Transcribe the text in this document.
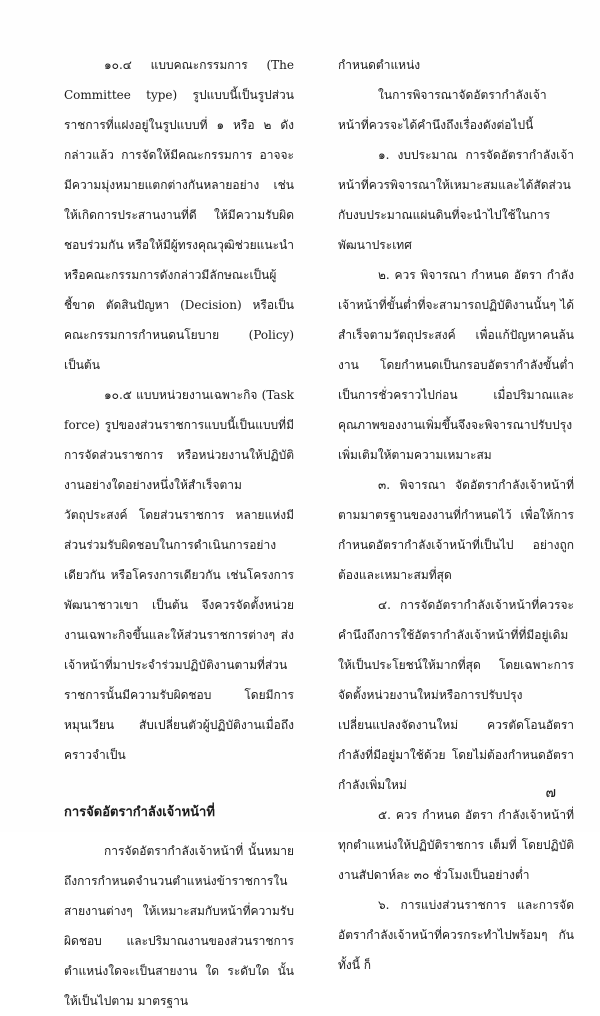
๑๐.๔ แบบคณะกรรมการ (The Committee type) รูปแบบนี้เป็นรูปส่วนราชการที่แฝงอยู่ในรูปแบบที่ ๑ หรือ ๒ ดังกล่าวแล้ว การจัดให้มีคณะกรรมการ อาจจะมีความมุ่งหมายแตกต่างกันหลายอย่าง เช่นให้เกิดการประสานงานที่ดี ให้มีความรับผิดชอบร่วมกัน หรือให้มีผู้ทรงคุณวุฒิช่วยแนะนำ หรือคณะกรรมการดังกล่าวมีลักษณะเป็นผู้ชี้ขาด ตัดสินปัญหา (Decision) หรือเป็นคณะกรรมการกำหนดนโยบาย (Policy) เป็นต้น

๑๐.๕ แบบหน่วยงานเฉพาะกิจ (Task force) รูปของส่วนราชการแบบนี้เป็นแบบที่มีการจัดส่วนราชการ หรือหน่วยงานให้ปฏิบัติงานอย่างใดอย่างหนึ่งให้สำเร็จตามวัตถุประสงค์ โดยส่วนราชการ หลายแห่งมีส่วนร่วมรับผิดชอบในการดำเนินการอย่างเดียวกัน หรือโครงการเดียวกัน เช่นโครงการพัฒนาชาวเขา เป็นต้น จึงควรจัดตั้งหน่วยงานเฉพาะกิจขึ้นและให้ส่วนราชการต่างๆ ส่งเจ้าหน้าที่มาประจำร่วมปฏิบัติงานตามที่ส่วนราชการนั้นมีความรับผิดชอบ โดยมีการหมุนเวียน สับเปลี่ยนตัวผู้ปฏิบัติงานเมื่อถึงคราวจำเป็น

การจัดอัตรากำลังเจ้าหน้าที่

การจัดอัตรากำลังเจ้าหน้าที่ นั้นหมายถึงการกำหนดจำนวนตำแหน่งข้าราชการในสายงานต่างๆ ให้เหมาะสมกับหน้าที่ความรับผิดชอบ และปริมาณงานของส่วนราชการ ตำแหน่งใดจะเป็นสายงาน ใด ระดับใด นั้น ให้เป็นไปตาม มาตรฐาน

กำหนดตำแหน่ง

ในการพิจารณาจัดอัตรากำลังเจ้าหน้าที่ควรจะได้คำนึงถึงเรื่องดังต่อไปนี้

๑. งบประมาณ การจัดอัตรากำลังเจ้าหน้าที่ควรพิจารณาให้เหมาะสมและได้สัดส่วนกับงบประมาณแผ่นดินที่จะนำไปใช้ในการพัฒนาประเทศ

๒. ควร พิจารณา กำหนด อัตรา กำลังเจ้าหน้าที่ขั้นต่ำที่จะสามารถปฏิบัติงานนั้นๆ ได้สำเร็จตามวัตถุประสงค์ เพื่อแก้ปัญหาคนล้นงาน โดยกำหนดเป็นกรอบอัตรากำลังขั้นต่ำเป็นการชั่วคราวไปก่อน เมื่อปริมาณและคุณภาพของงานเพิ่มขึ้นจึงจะพิจารณาปรับปรุงเพิ่มเติมให้ตามความเหมาะสม

๓. พิจารณา จัดอัตรากำลังเจ้าหน้าที่ ตามมาตรฐานของงานที่กำหนดไว้ เพื่อให้การกำหนดอัตรากำลังเจ้าหน้าที่เป็นไป อย่างถูกต้องและเหมาะสมที่สุด

๔. การจัดอัตรากำลังเจ้าหน้าที่ควรจะคำนึงถึงการใช้อัตรากำลังเจ้าหน้าที่ที่มีอยู่เดิมให้เป็นประโยชน์ให้มากที่สุด โดยเฉพาะการจัดตั้งหน่วยงานใหม่หรือการปรับปรุงเปลี่ยนแปลงจัดงานใหม่ ควรตัดโอนอัตรากำลังที่มีอยู่มาใช้ด้วย โดยไม่ต้องกำหนดอัตรากำลังเพิ่มใหม่

๕. ควร กำหนด อัตรา กำลังเจ้าหน้าที่ ทุกตำแหน่งให้ปฏิบัติราชการ เต็มที่ โดยปฏิบัติงานสัปดาห์ละ ๓๐ ชั่วโมงเป็นอย่างต่ำ

๖. การแบ่งส่วนราชการ และการจัดอัตรากำลังเจ้าหน้าที่ควรกระทำไปพร้อมๆ กัน ทั้งนี้ ก็

๗
